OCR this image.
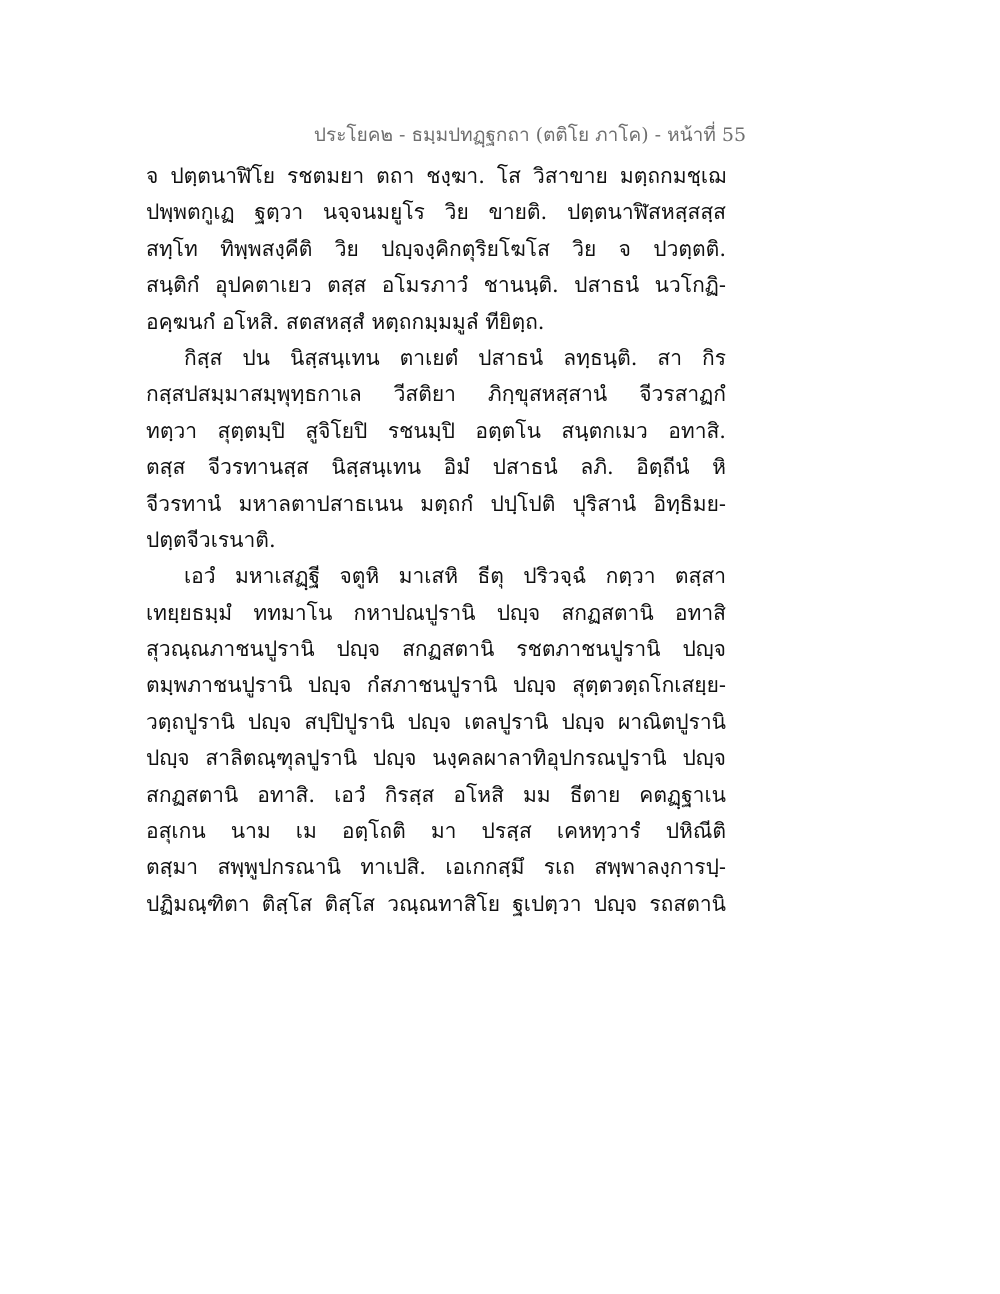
ประโยค๒ - ธมฺมปทฏฺฐกถา (ตติโย ภาโค) - หน้าที่ 55
จ ปตฺตนาฬิโย รชตมยา ตถา ชงฺฆา. โส วิสาขาย มตฺถกมชฺเฌ
ปพฺพตกูเฏ ฐตฺวา นจฺจนมยูโร วิย ขายติ. ปตฺตนาฬิสหสฺสสฺส
สทฺโท ทิพฺพสงฺคีติ วิย ปญฺจงฺคิกตุริยโฆโส วิย จ ปวตฺตติ.
สนฺติกํ อุปคตาเยว ตสฺส อโมรภาวํ ชานนฺติ. ปสาธนํ นวโกฏิ-
อคฺฆนกํ อโหสิ. สตสหสฺสํ หตฺถกมฺมมูลํ ทียิตฺถ.
กิสฺส ปน นิสฺสนฺเทน ตาเยตํ ปสาธนํ ลทฺธนฺติ. สา กิร
กสฺสปสมฺมาสมฺพุทฺธกาเล วีสติยา ภิกฺขุสหสฺสานํ จีวรสาฏกํ
ทตฺวา สุตฺตมฺปิ สูจิโยปิ รชนมฺปิ อตฺตโน สนฺตกเมว อทาสิ.
ตสฺส จีวรทานสฺส นิสฺสนฺเทน อิมํ ปสาธนํ ลภิ. อิตฺถีนํ หิ
จีวรทานํ มหาลตาปสาธเนน มตฺถกํ ปปฺโปติ ปุริสานํ อิทฺธิมย-
ปตฺตจีวเรนาติ.
เอวํ มหาเสฏฺฐี จตูหิ มาเสหิ ธีตุ ปริวจฺฉํ กตฺวา ตสฺสา
เทยฺยธมฺมํ ททมาโน กหาปณปูรานิ ปญฺจ สกฏสตานิ อทาสิ
สุวณฺณภาชนปูรานิ ปญฺจ สกฏสตานิ รชตภาชนปูรานิ ปญฺจ
ตมฺพภาชนปูรานิ ปญฺจ กํสภาชนปูรานิ ปญฺจ สุตฺตวตฺถโกเสยฺย-
วตฺถปูรานิ ปญฺจ สปฺปิปูรานิ ปญฺจ เตลปูรานิ ปญฺจ ผาณิตปูรานิ
ปญฺจ สาลิตณฺฑุลปูรานิ ปญฺจ นงฺคลผาลาทิอุปกรณปูรานิ ปญฺจ
สกฏสตานิ อทาสิ. เอวํ กิรสฺส อโหสิ มม ธีตาย คตฏฺฐาเน
อสุเกน นาม เม อตฺโถติ มา ปรสฺส เคหทฺวารํ ปหิณีติ
ตสฺมา สพฺพูปกรณานิ ทาเปสิ. เอเกกสฺมึ รเถ สพฺพาลงฺการปฺ-
ปฏิมณฺฑิตา ติสฺโส ติสฺโส วณฺณทาสิโย ฐเปตฺวา ปญฺจ รถสตานิ
